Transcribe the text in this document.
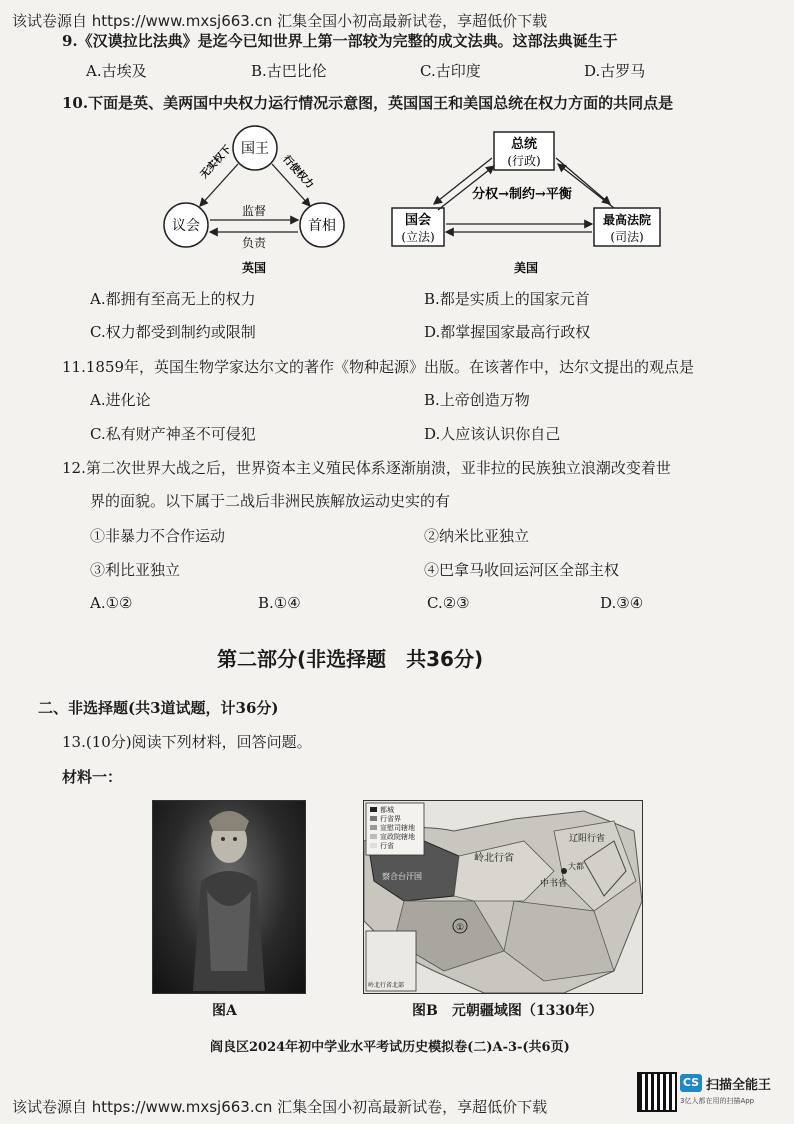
该试卷源自 https://www.mxsj663.cn 汇集全国小初高最新试卷，享超低价下载
9.《汉谟拉比法典》是迄今已知世界上第一部较为完整的成文法典。这部法典诞生于
A.古埃及	B.古巴比伦	C.古印度	D.古罗马
10.下面是英、美两国中央权力运行情况示意图，英国国王和美国总统在权力方面的共同点是
国王
议会	首相
无实权下	行使权力
监督
负责
英国
总统
(行政)
国会
(立法)
最高法院
(司法)
分权→制约→平衡
美国
A.都拥有至高无上的权力	B.都是实质上的国家元首
C.权力都受到制约或限制	D.都掌握国家最高行政权
11.1859年，英国生物学家达尔文的著作《物种起源》出版。在该著作中，达尔文提出的观点是
A.进化论	B.上帝创造万物
C.私有财产神圣不可侵犯	D.人应该认识你自己
12.第二次世界大战之后，世界资本主义殖民体系逐渐崩溃，亚非拉的民族独立浪潮改变着世
界的面貌。以下属于二战后非洲民族解放运动史实的有
①非暴力不合作运动	②纳米比亚独立
③利比亚独立	④巴拿马收回运河区全部主权
A.①②	B.①④	C.②③	D.③④
第二部分(非选择题　共36分)
二、非选择题(共3道试题，计36分)
13.(10分)阅读下列材料，回答问题。
材料一：
图A
都城
行省界
宣慰司辖地
宣政院辖地
行省
岭北行省
辽阳行省
中书省
大都
察合台汗国
①
岭北行省北部
图B　元朝疆域图（1330年）
阎良区2024年初中学业水平考试历史模拟卷(二)A-3-(共6页)
该试卷源自 https://www.mxsj663.cn 汇集全国小初高最新试卷，享超低价下载
CS 扫描全能王
3亿人都在用的扫描App
